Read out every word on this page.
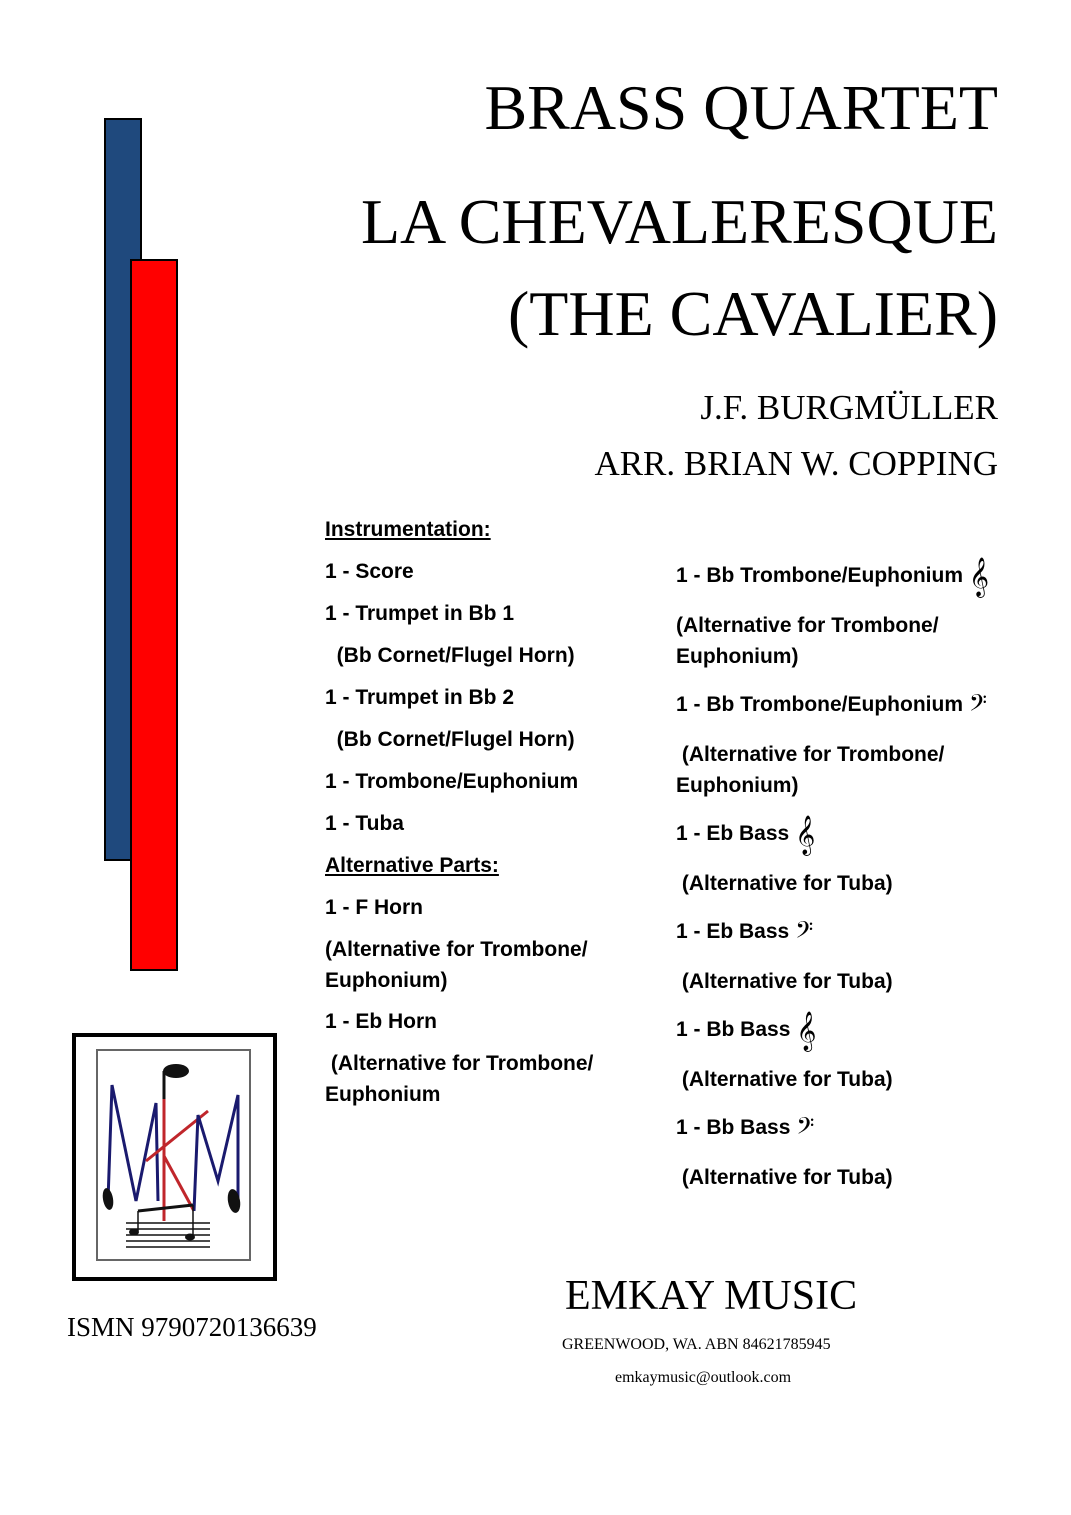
BRASS QUARTET
LA CHEVALERESQUE
(THE CAVALIER)
J.F. BURGMÜLLER
ARR. BRIAN W. COPPING
Instrumentation:
1 - Score
1 - Trumpet in Bb 1
(Bb Cornet/Flugel Horn)
1 - Trumpet in Bb 2
(Bb Cornet/Flugel Horn)
1 - Trombone/Euphonium
1 - Tuba
Alternative Parts:
1 - F Horn
(Alternative for Trombone/
Euphonium)
1 - Eb Horn
(Alternative for Trombone/
Euphonium
1 - Bb Trombone/Euphonium 𝄞
(Alternative for Trombone/
Euphonium)
1 - Bb Trombone/Euphonium 𝄢
(Alternative for Trombone/
Euphonium)
1 - Eb Bass 𝄞
(Alternative for Tuba)
1 - Eb Bass 𝄢
(Alternative for Tuba)
1 - Bb Bass 𝄞
(Alternative for Tuba)
1 - Bb Bass 𝄢
(Alternative for Tuba)
ISMN 9790720136639
EMKAY MUSIC
GREENWOOD, WA. ABN 84621785945
emkaymusic@outlook.com
